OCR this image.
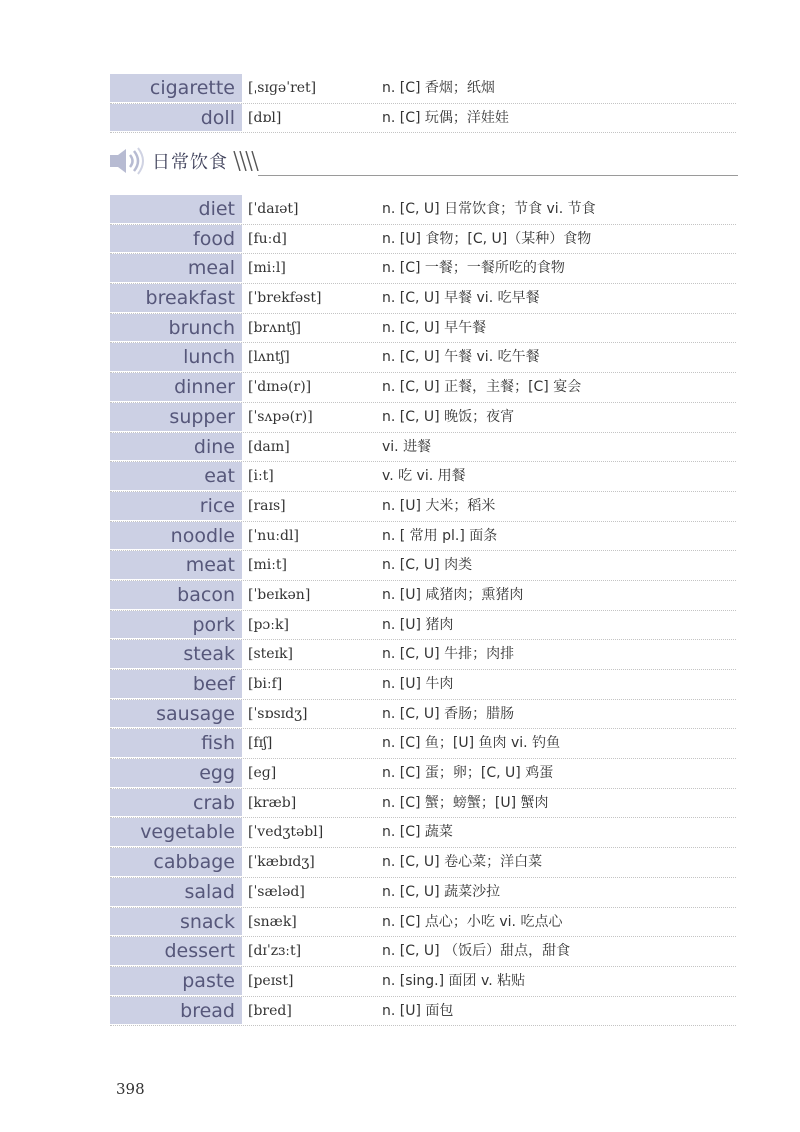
cigarette [ˌsɪɡəˈret]	n. [C] 香烟；纸烟
doll [dɒl]	n. [C] 玩偶；洋娃娃
日常饮食
diet [ˈdaɪət]	n. [C, U] 日常饮食；节食 vi. 节食
food [fuːd]	n. [U] 食物；[C, U]（某种）食物
meal [miːl]	n. [C] 一餐；一餐所吃的食物
breakfast [ˈbrekfəst]	n. [C, U] 早餐 vi. 吃早餐
brunch [brʌntʃ]	n. [C, U] 早午餐
lunch [lʌntʃ]	n. [C, U] 午餐 vi. 吃午餐
dinner [ˈdɪnə(r)]	n. [C, U] 正餐，主餐；[C] 宴会
supper [ˈsʌpə(r)]	n. [C, U] 晚饭；夜宵
dine [daɪn]	vi. 进餐
eat [iːt]	v. 吃 vi. 用餐
rice [raɪs]	n. [U] 大米；稻米
noodle [ˈnuːdl]	n. [ 常用 pl.] 面条
meat [miːt]	n. [C, U] 肉类
bacon [ˈbeɪkən]	n. [U] 咸猪肉；熏猪肉
pork [pɔːk]	n. [U] 猪肉
steak [steɪk]	n. [C, U] 牛排；肉排
beef [biːf]	n. [U] 牛肉
sausage [ˈsɒsɪdʒ]	n. [C, U] 香肠；腊肠
fish [fɪʃ]	n. [C] 鱼；[U] 鱼肉 vi. 钓鱼
egg [eɡ]	n. [C] 蛋；卵；[C, U] 鸡蛋
crab [kræb]	n. [C] 蟹；螃蟹；[U] 蟹肉
vegetable [ˈvedʒtəbl]	n. [C] 蔬菜
cabbage [ˈkæbɪdʒ]	n. [C, U] 卷心菜；洋白菜
salad [ˈsæləd]	n. [C, U] 蔬菜沙拉
snack [snæk]	n. [C] 点心；小吃 vi. 吃点心
dessert [dɪˈzɜːt]	n. [C, U] （饭后）甜点，甜食
paste [peɪst]	n. [sing.] 面团 v. 粘贴
bread [bred]	n. [U] 面包
398
